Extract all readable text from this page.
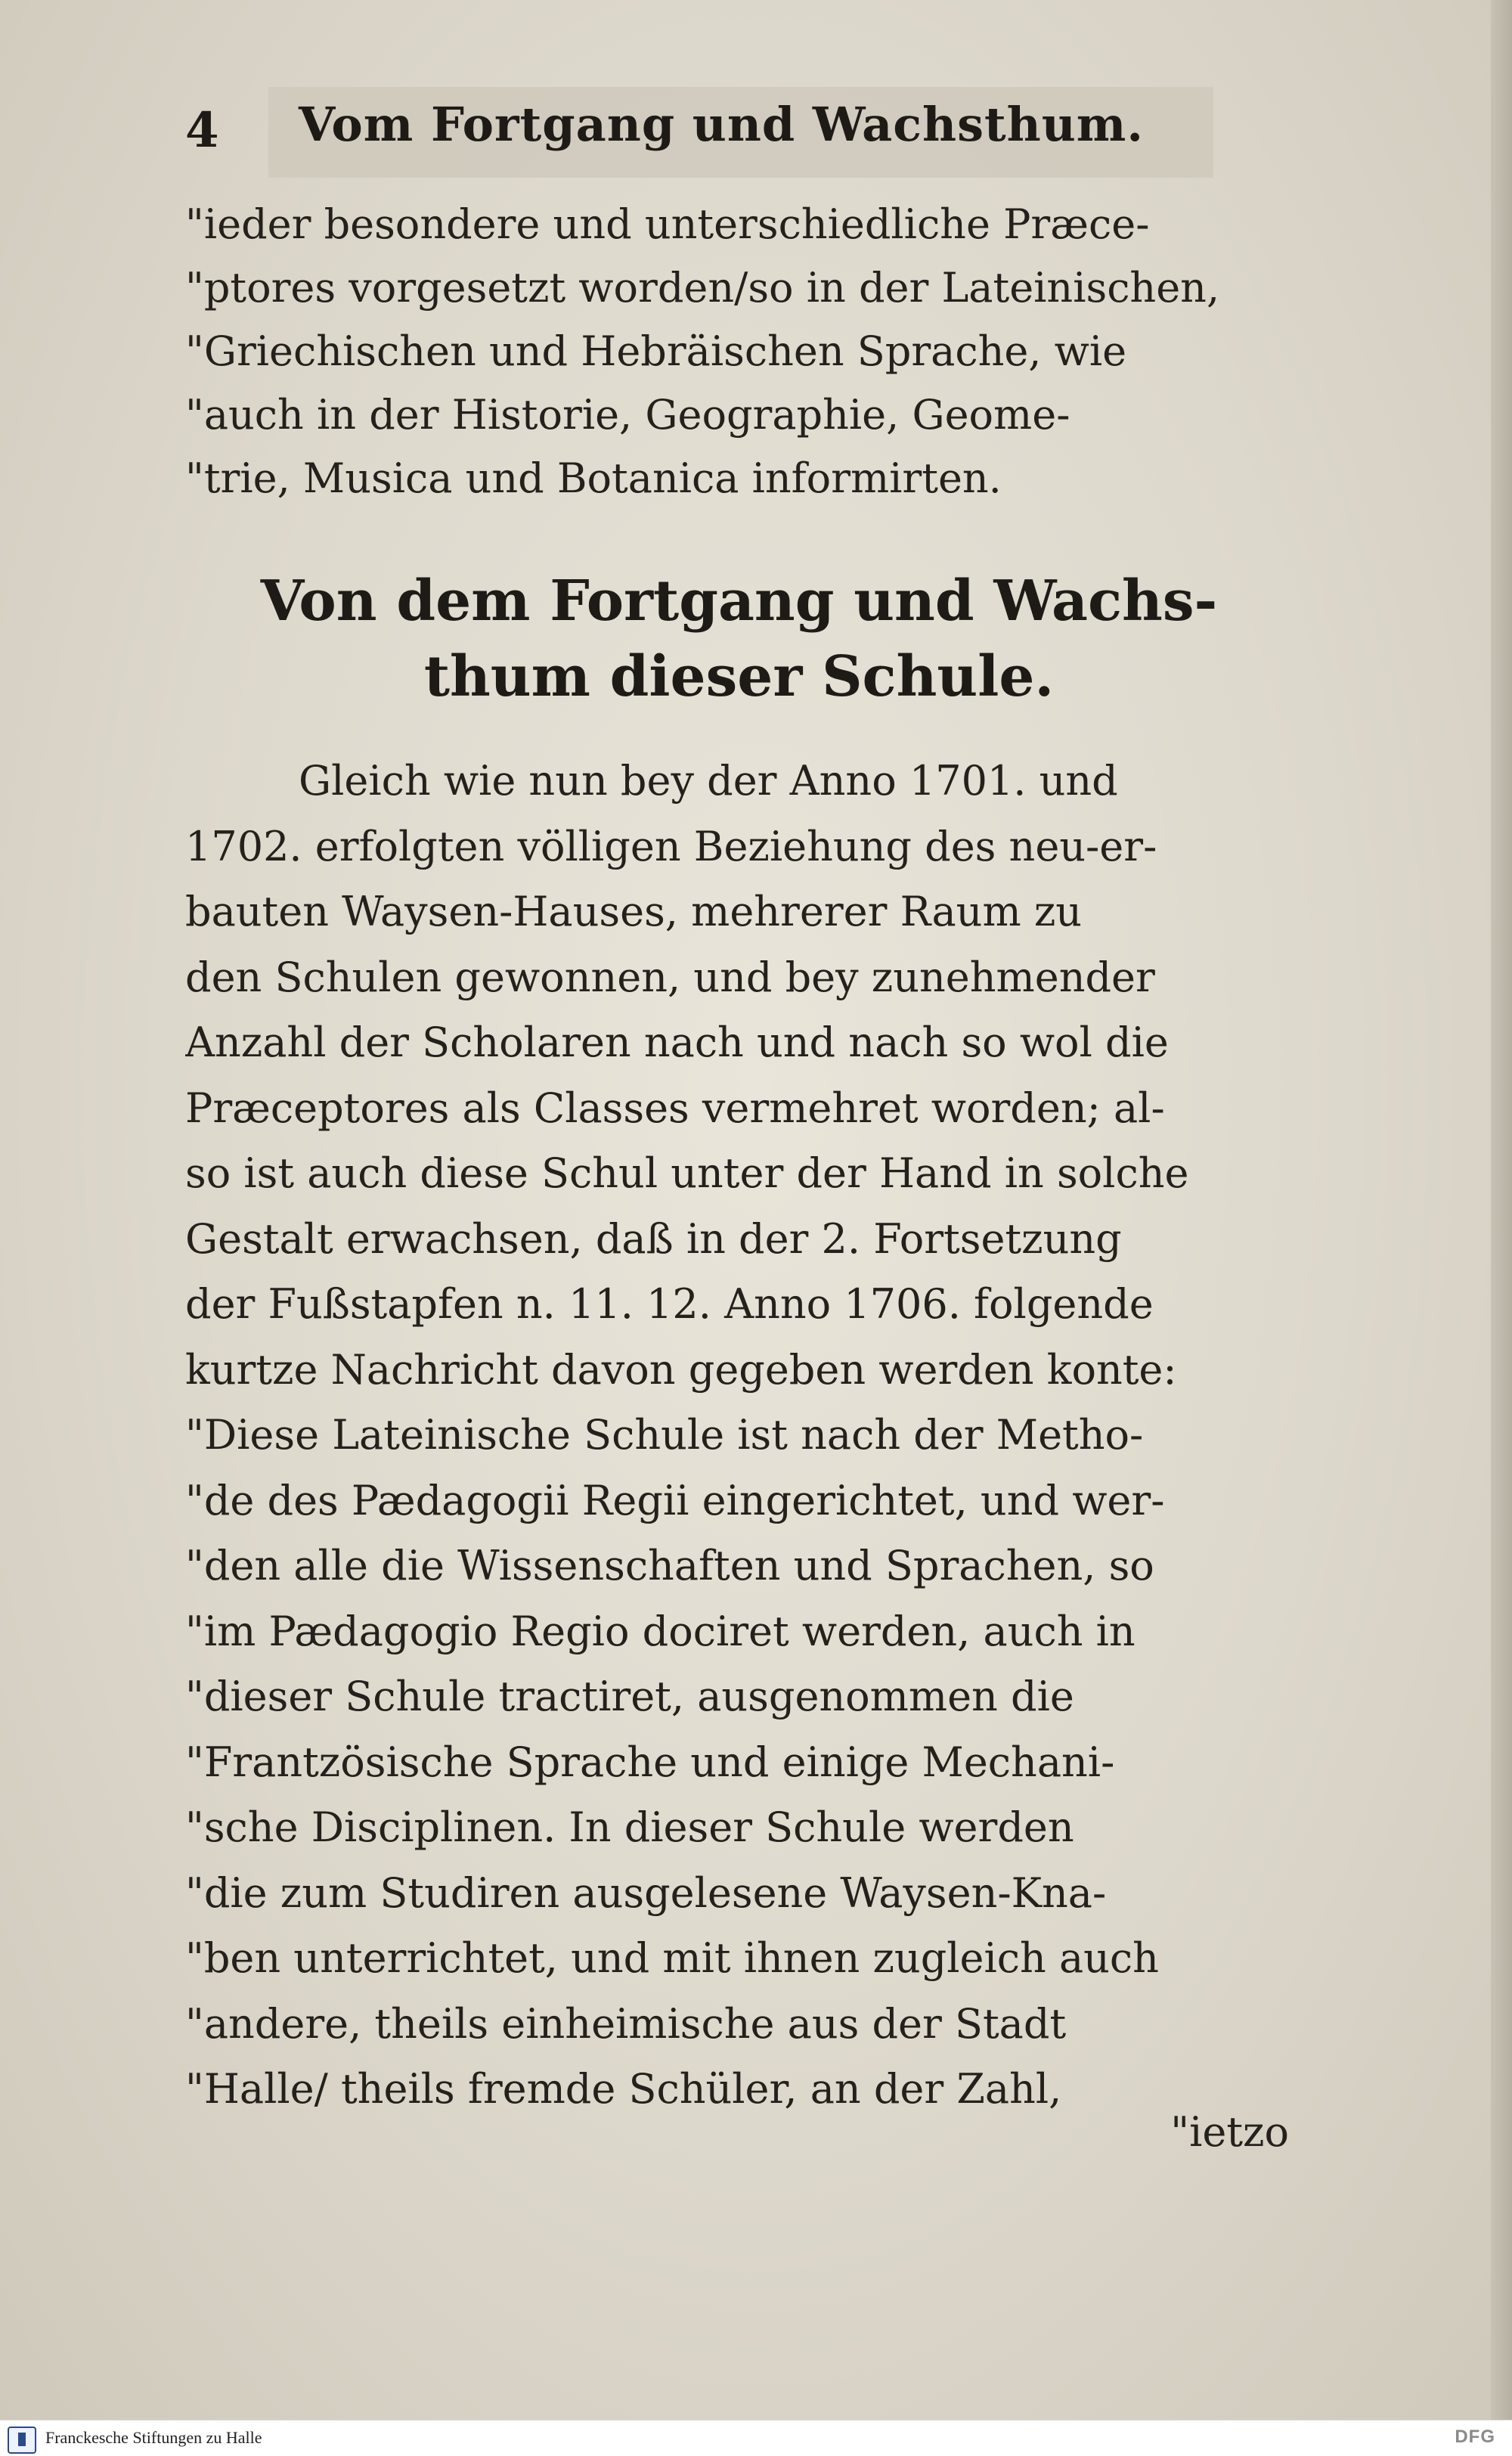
4 Vom Fortgang und Wachsthum.
"ieder besondere und unterschiedliche Præce-
"ptores vorgesetzt worden/so in der Lateinischen,
"Griechischen und Hebräischen Sprache, wie
"auch in der Historie, Geographie, Geome-
"trie, Musica und Botanica informirten.
Von dem Fortgang und Wachs-
thum dieser Schule.
Gleich wie nun bey der Anno 1701. und
1702. erfolgten völligen Beziehung des neu-er-
bauten Waysen-Hauses, mehrerer Raum zu
den Schulen gewonnen, und bey zunehmender
Anzahl der Scholaren nach und nach so wol die
Præceptores als Classes vermehret worden; al-
so ist auch diese Schul unter der Hand in solche
Gestalt erwachsen, daß in der 2. Fortsetzung
der Fußstapfen n. 11. 12. Anno 1706. folgende
kurtze Nachricht davon gegeben werden konte:
"Diese Lateinische Schule ist nach der Metho-
"de des Pædagogii Regii eingerichtet, und wer-
"den alle die Wissenschaften und Sprachen, so
"im Pædagogio Regio dociret werden, auch in
"dieser Schule tractiret, ausgenommen die
"Frantzösische Sprache und einige Mechani-
"sche Disciplinen. In dieser Schule werden
"die zum Studiren ausgelesene Waysen-Kna-
"ben unterrichtet, und mit ihnen zugleich auch
"andere, theils einheimische aus der Stadt
"Halle/ theils fremde Schüler, an der Zahl,
"ietzo
Franckesche Stiftungen zu Halle	DFG
